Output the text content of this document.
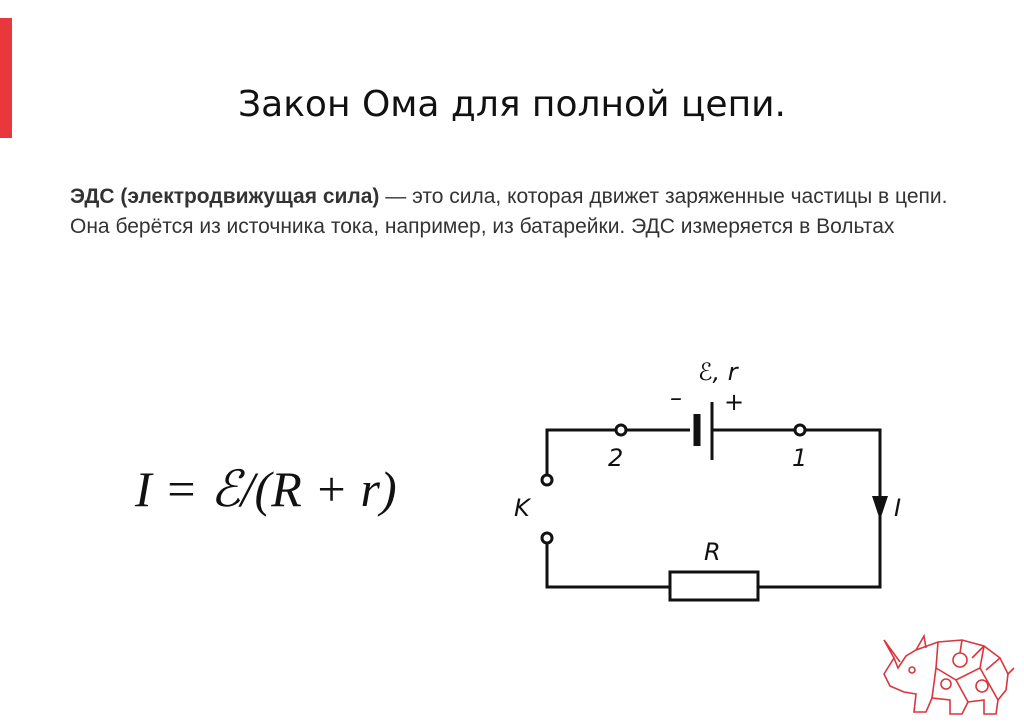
Закон Ома для полной цепи.
ЭДС (электродвижущая сила) — это сила, которая движет заряженные частицы в цепи. Она берётся из источника тока, например, из батарейки. ЭДС измеряется в Вольтах
I = ℰ/(R + r)
ℰ, r
– +
2	1
K	I
R
